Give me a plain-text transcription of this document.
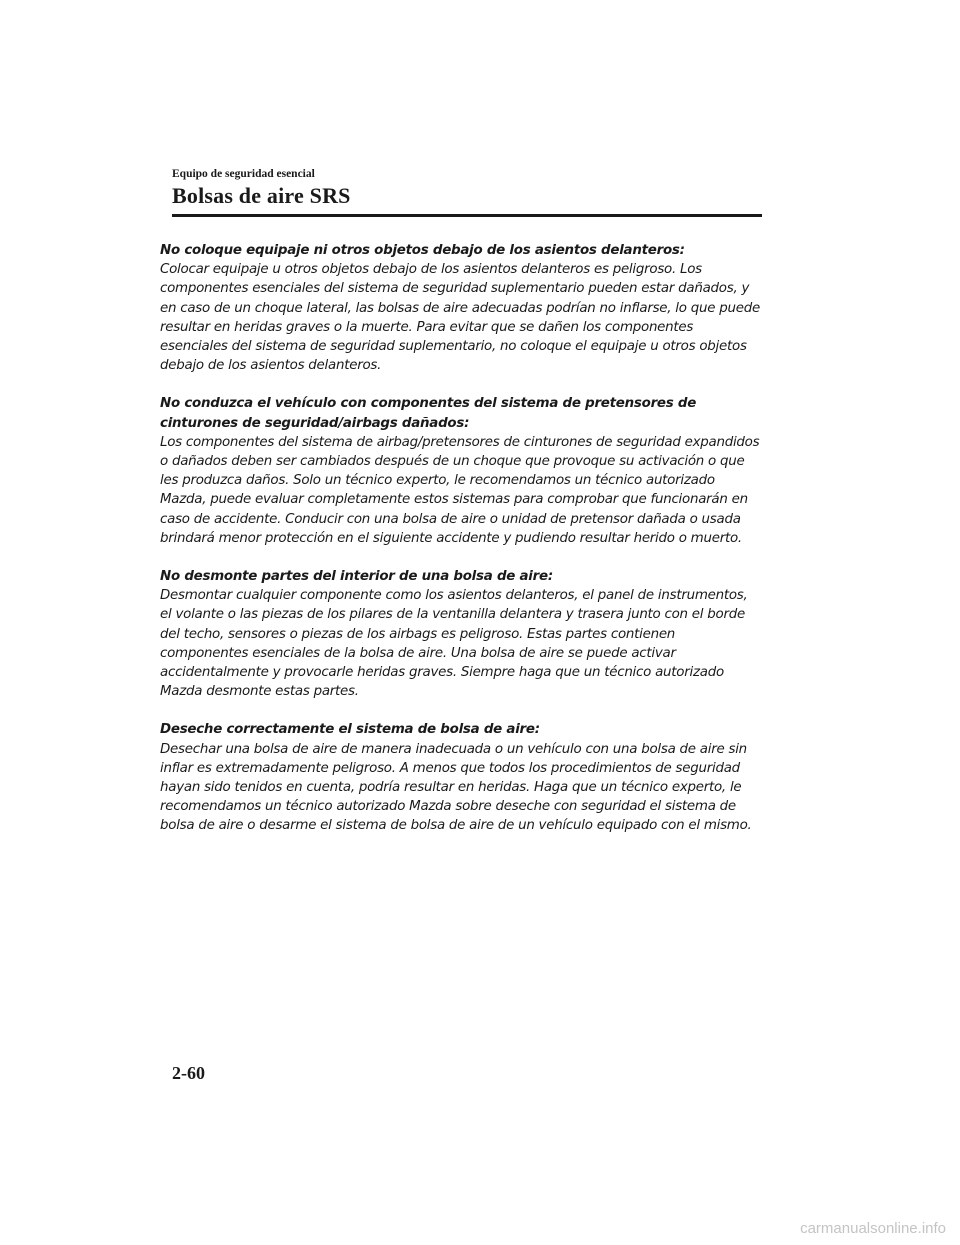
Equipo de seguridad esencial

Bolsas de aire SRS

No coloque equipaje ni otros objetos debajo de los asientos delanteros:

Colocar equipaje u otros objetos debajo de los asientos delanteros es peligroso. Los componentes esenciales del sistema de seguridad suplementario pueden estar dañados, y en caso de un choque lateral, las bolsas de aire adecuadas podrían no inflarse, lo que puede resultar en heridas graves o la muerte. Para evitar que se dañen los componentes esenciales del sistema de seguridad suplementario, no coloque el equipaje u otros objetos debajo de los asientos delanteros.

No conduzca el vehículo con componentes del sistema de pretensores de cinturones de seguridad/airbags dañados:

Los componentes del sistema de airbag/pretensores de cinturones de seguridad expandidos o dañados deben ser cambiados después de un choque que provoque su activación o que les produzca daños. Solo un técnico experto, le recomendamos un técnico autorizado Mazda, puede evaluar completamente estos sistemas para comprobar que funcionarán en caso de accidente. Conducir con una bolsa de aire o unidad de pretensor dañada o usada brindará menor protección en el siguiente accidente y pudiendo resultar herido o muerto.

No desmonte partes del interior de una bolsa de aire:

Desmontar cualquier componente como los asientos delanteros, el panel de instrumentos, el volante o las piezas de los pilares de la ventanilla delantera y trasera junto con el borde del techo, sensores o piezas de los airbags es peligroso. Estas partes contienen componentes esenciales de la bolsa de aire. Una bolsa de aire se puede activar accidentalmente y provocarle heridas graves. Siempre haga que un técnico autorizado Mazda desmonte estas partes.

Deseche correctamente el sistema de bolsa de aire:

Desechar una bolsa de aire de manera inadecuada o un vehículo con una bolsa de aire sin inflar es extremadamente peligroso. A menos que todos los procedimientos de seguridad hayan sido tenidos en cuenta, podría resultar en heridas. Haga que un técnico experto, le recomendamos un técnico autorizado Mazda sobre deseche con seguridad el sistema de bolsa de aire o desarme el sistema de bolsa de aire de un vehículo equipado con el mismo.

2-60

carmanualsonline.info
